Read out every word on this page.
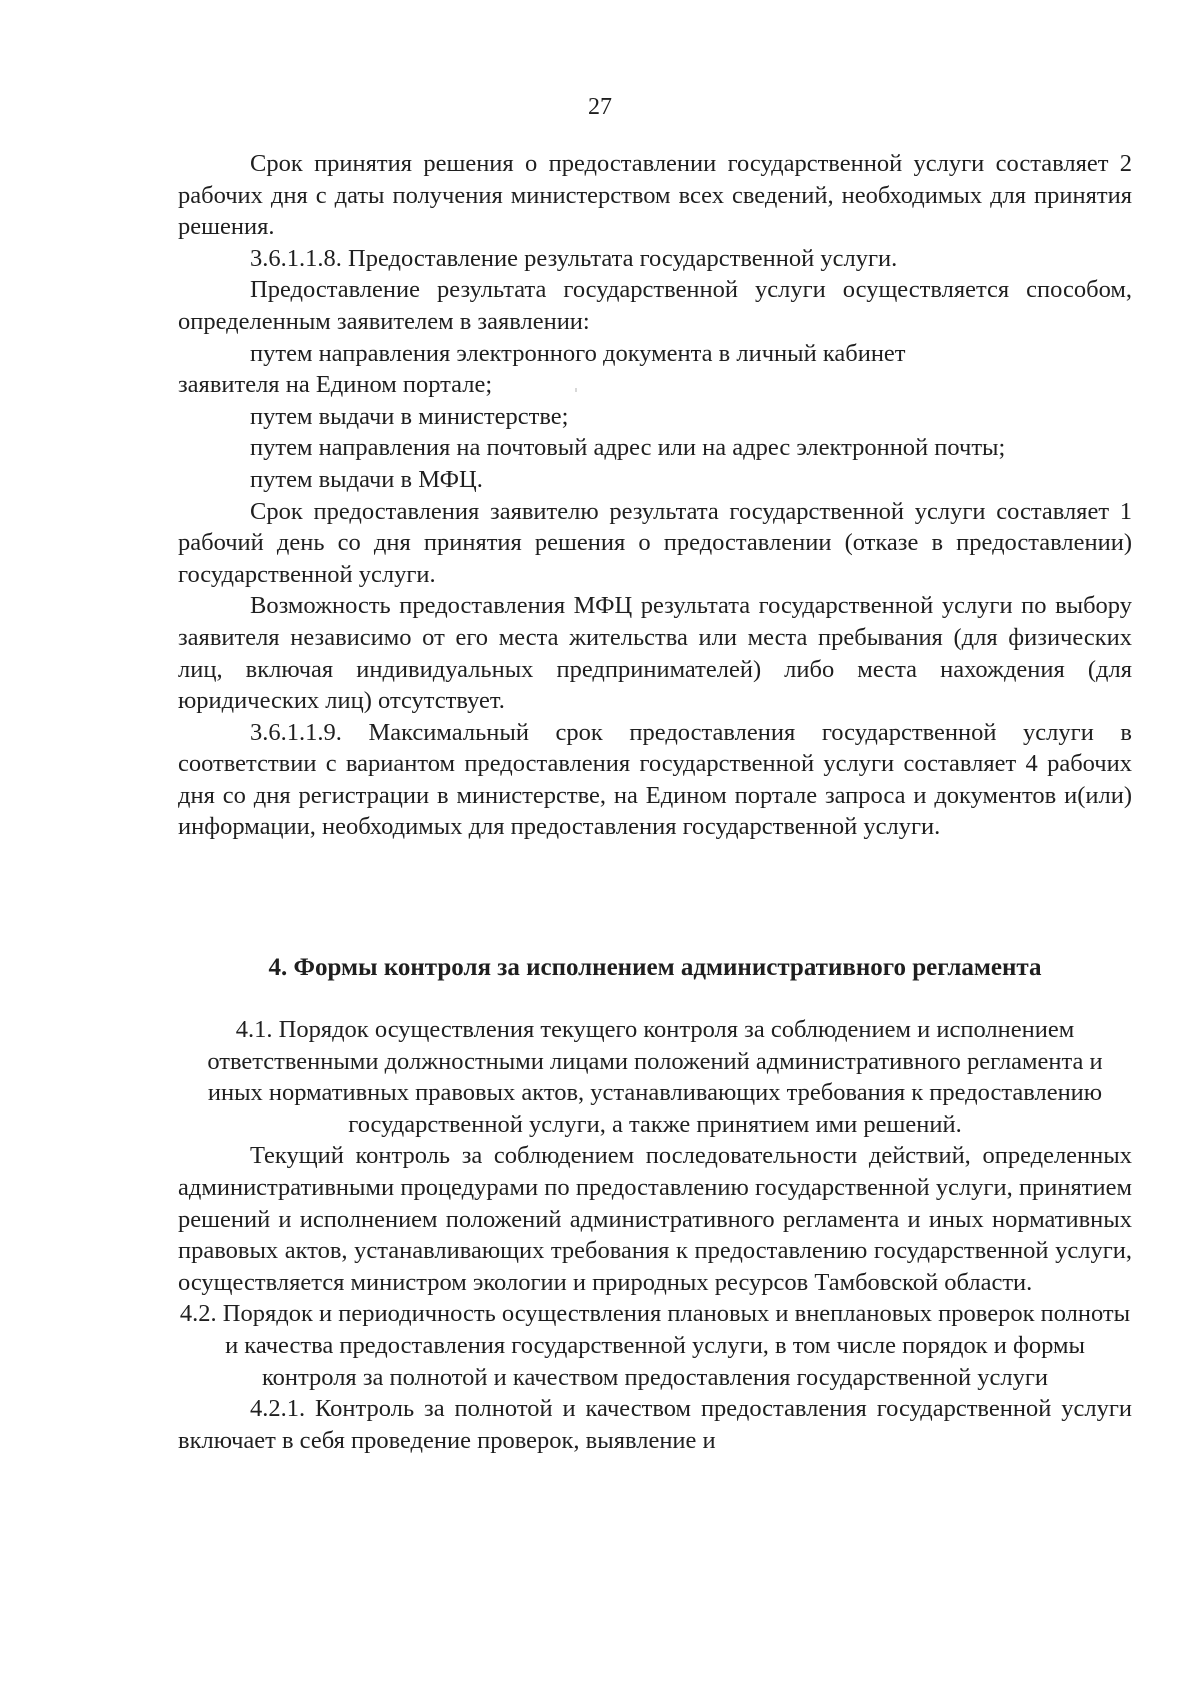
27

Срок принятия решения о предоставлении государственной услуги составляет 2 рабочих дня с даты получения министерством всех сведений, необходимых для принятия решения.

3.6.1.1.8. Предоставление результата государственной услуги.

Предоставление результата государственной услуги осуществляется способом, определенным заявителем в заявлении:

путем направления электронного документа в личный кабинет

заявителя на Едином портале;

путем выдачи в министерстве;

путем направления на почтовый адрес или на адрес электронной почты;

путем выдачи в МФЦ.

Срок предоставления заявителю результата государственной услуги составляет 1 рабочий день со дня принятия решения о предоставлении (отказе в предоставлении) государственной услуги.

Возможность предоставления МФЦ результата государственной услуги по выбору заявителя независимо от его места жительства или места пребывания (для физических лиц, включая индивидуальных предпринимателей) либо места нахождения (для юридических лиц) отсутствует.

3.6.1.1.9. Максимальный срок предоставления государственной услуги в соответствии с вариантом предоставления государственной услуги составляет 4 рабочих дня со дня регистрации в министерстве, на Едином портале запроса и документов и(или) информации, необходимых для предоставления государственной услуги.

4. Формы контроля за исполнением административного регламента

4.1. Порядок осуществления текущего контроля за соблюдением и исполнением ответственными должностными лицами положений административного регламента и иных нормативных правовых актов, устанавливающих требования к предоставлению государственной услуги, а также принятием ими решений.

Текущий контроль за соблюдением последовательности действий, определенных административными процедурами по предоставлению государственной услуги, принятием решений и исполнением положений административного регламента и иных нормативных правовых актов, устанавливающих требования к предоставлению государственной услуги, осуществляется министром экологии и природных ресурсов Тамбовской области.

4.2. Порядок и периодичность осуществления плановых и внеплановых проверок полноты и качества предоставления государственной услуги, в том числе порядок и формы контроля за полнотой и качеством предоставления государственной услуги

4.2.1. Контроль за полнотой и качеством предоставления государственной услуги включает в себя проведение проверок, выявление и
